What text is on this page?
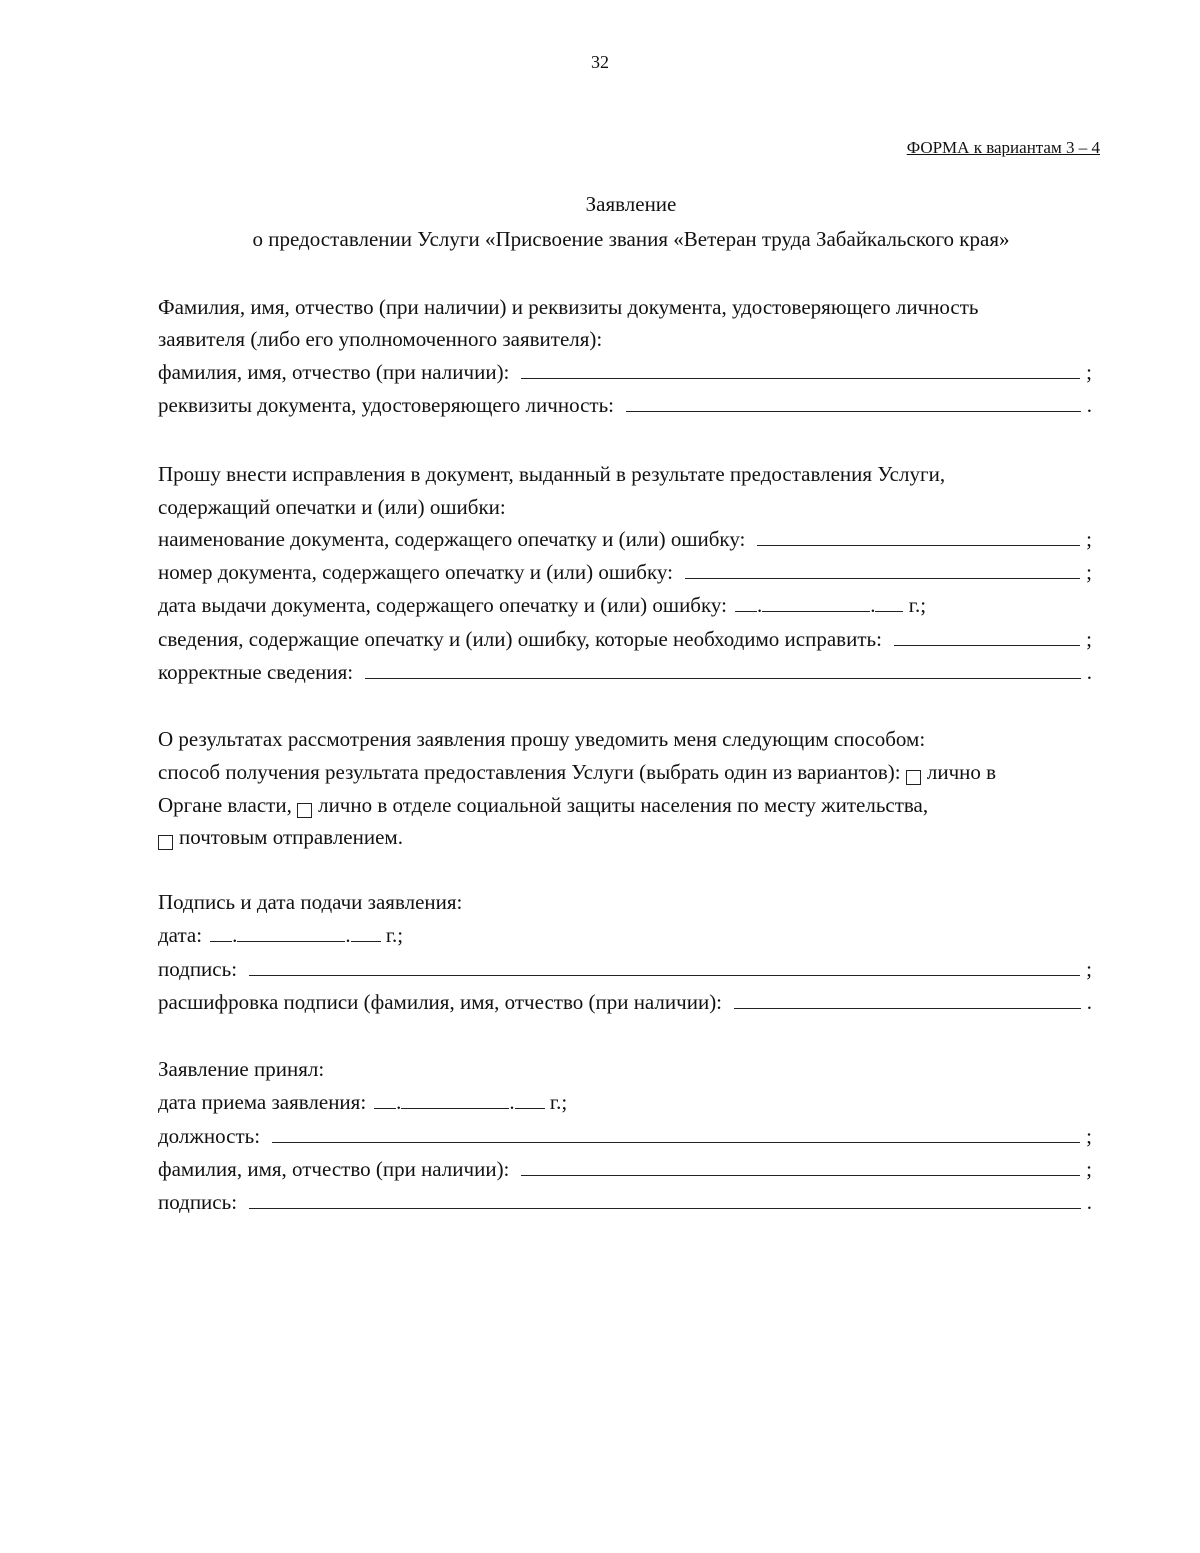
32
ФОРМА к вариантам 3 – 4
Заявление
о предоставлении Услуги «Присвоение звания «Ветеран труда Забайкальского края»
Фамилия, имя, отчество (при наличии) и реквизиты документа, удостоверяющего личность
заявителя (либо его уполномоченного заявителя):
фамилия, имя, отчество (при наличии):	;
реквизиты документа, удостоверяющего личность:	.
Прошу внести исправления в документ, выданный в результате предоставления Услуги,
содержащий опечатки и (или) ошибки:
наименование документа, содержащего опечатку и (или) ошибку:	;
номер документа, содержащего опечатку и (или) ошибку:	;
дата выдачи документа, содержащего опечатку и (или) ошибку:	.	. г.;
сведения, содержащие опечатку и (или) ошибку, которые необходимо исправить:	;
корректные сведения:	.
О результатах рассмотрения заявления прошу уведомить меня следующим способом:
способ получения результата предоставления Услуги (выбрать один из вариантов):
лично в
Органе власти,
лично в отделе социальной защиты населения по месту жительства,
почтовым отправлением.
Подпись и дата подачи заявления:
дата:	.	. г.;
подпись:	;
расшифровка подписи (фамилия, имя, отчество (при наличии):	.
Заявление принял:
дата приема заявления:	.	. г.;
должность:	;
фамилия, имя, отчество (при наличии):	;
подпись:	.
